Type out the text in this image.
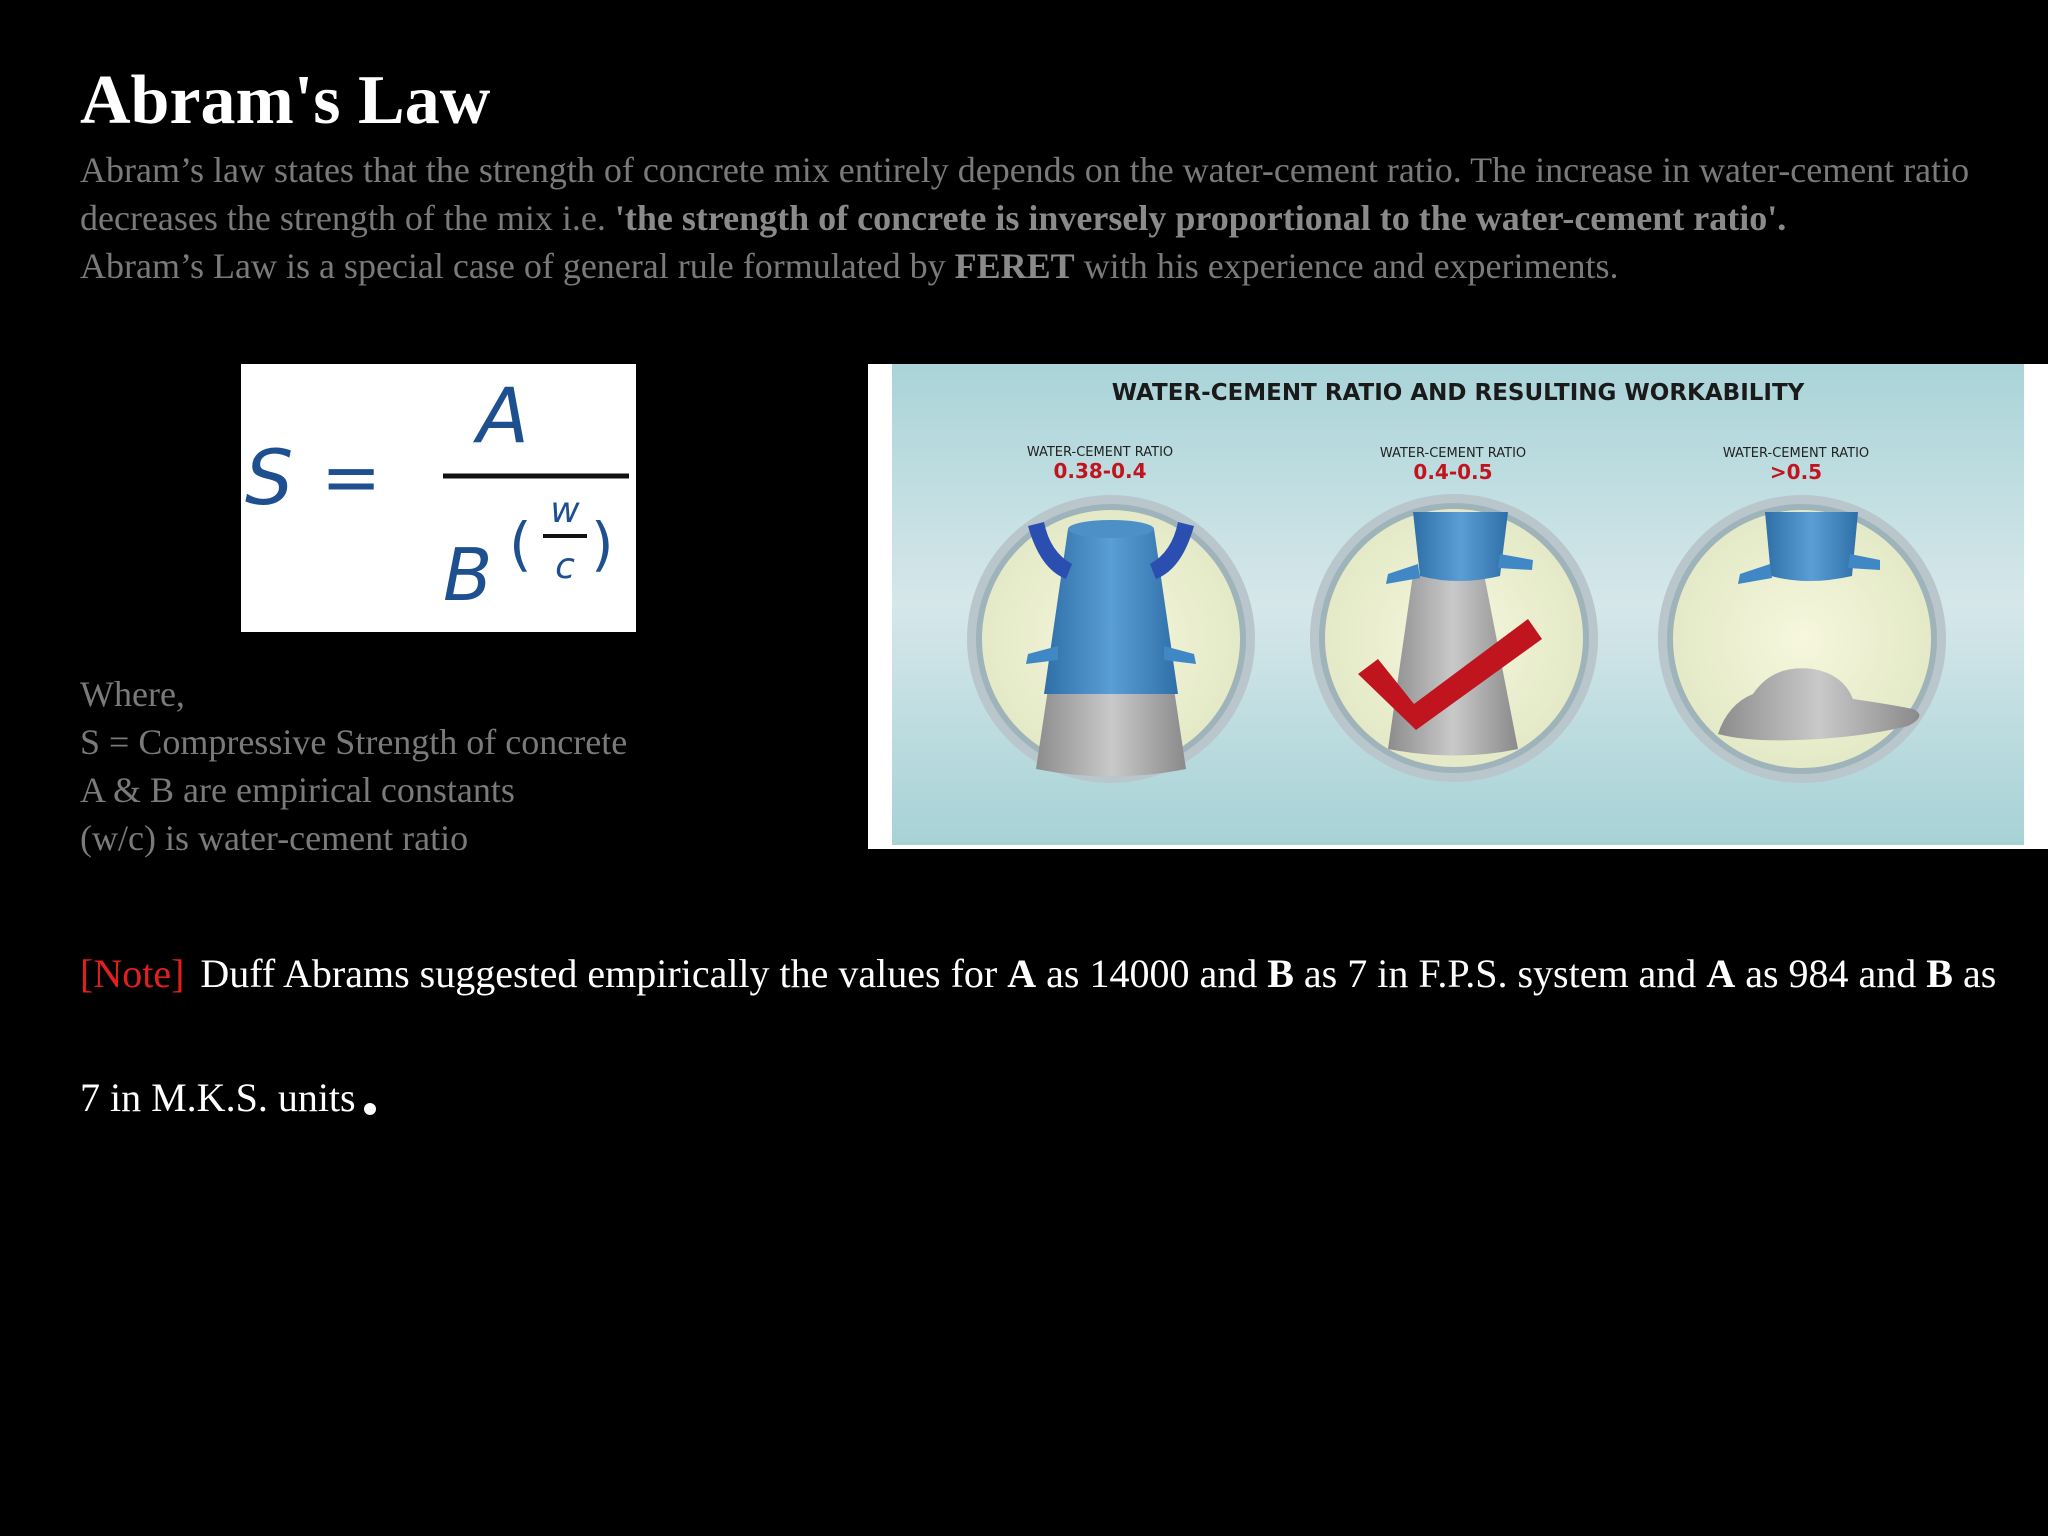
Abram's Law

Abram’s law states that the strength of concrete mix entirely depends on the water-cement ratio. The increase in water-cement ratio decreases the strength of the mix i.e. 'the strength of concrete is inversely proportional to the water-cement ratio'.

Abram’s Law is a special case of general rule formulated by FERET with his experience and experiments.

S =
A
B ( w
c )
Where,
S = Compressive Strength of concrete
A & B are empirical constants
(w/c) is water-cement ratio
WATER-CEMENT RATIO AND RESULTING WORKABILITY
WATER-CEMENT RATIO
0.38-0.4
WATER-CEMENT RATIO
0.4-0.5
WATER-CEMENT RATIO
>0.5
[Note] Duff Abrams suggested empirically the values for A as 14000 and B as 7 in F.P.S. system and A as 984 and B as 7 in M.K.S. units
